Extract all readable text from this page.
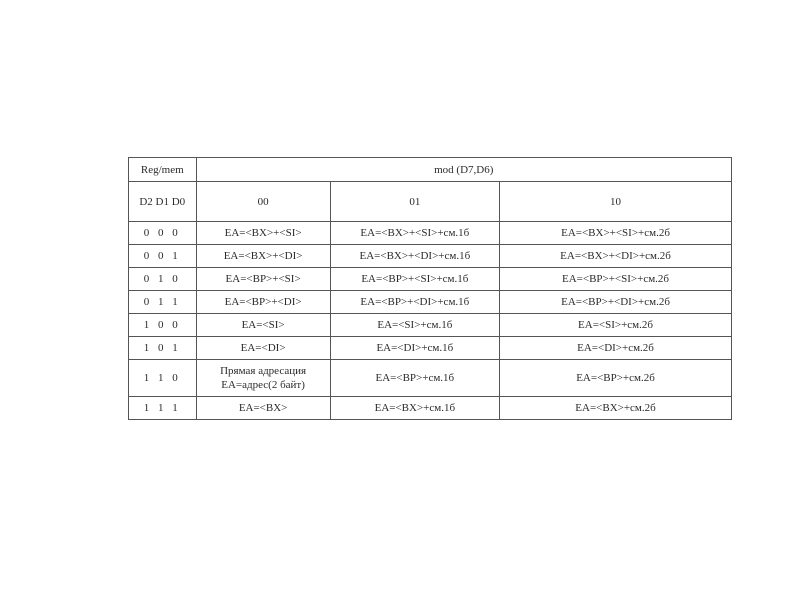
Reg/mem	mod (D7,D6)		
D2 D1 D0	00	01	10
0 0 0	EA=<BX>+<SI>	EA=<BX>+<SI>+см.1б	EA=<BX>+<SI>+см.2б
0 0 1	EA=<BX>+<DI>	EA=<BX>+<DI>+см.1б	EA=<BX>+<DI>+см.2б
0 1 0	EA=<BP>+<SI>	EA=<BP>+<SI>+см.1б	EA=<BP>+<SI>+см.2б
0 1 1	EA=<BP>+<DI>	EA=<BP>+<DI>+см.1б	EA=<BP>+<DI>+см.2б
1 0 0	EA=<SI>	EA=<SI>+см.1б	EA=<SI>+см.2б
1 0 1	EA=<DI>	EA=<DI>+см.1б	EA=<DI>+см.2б
1 1 0	Прямая адресация EA=адрес(2 байт)	EA=<BP>+см.1б	EA=<BP>+см.2б
1 1 1	EA=<BX>	EA=<BX>+см.1б	EA=<BX>+см.2б
